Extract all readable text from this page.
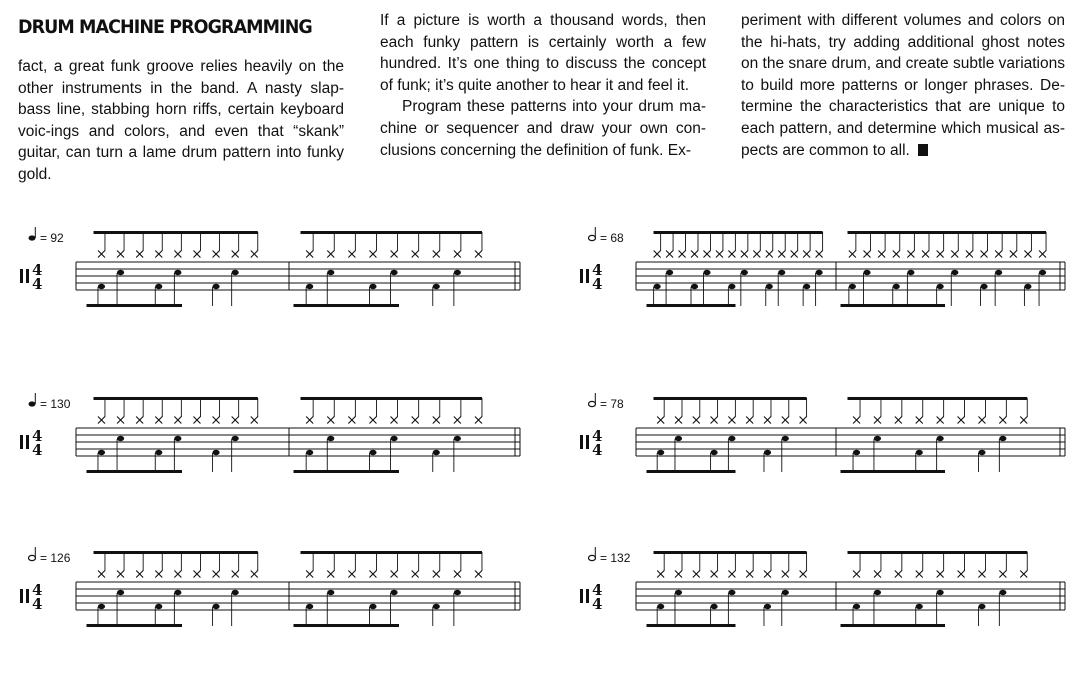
DRUM MACHINE PROGRAMMING

fact, a great funk groove relies heavily on the other instruments in the band. A nasty slap-bass line, stabbing horn riffs, certain keyboard voic-ings and colors, and even that “skank” guitar, can turn a lame drum pattern into funky gold.

If a picture is worth a thousand words, then each funky pattern is certainly worth a few hundred. It’s one thing to discuss the concept of funk; it’s quite another to hear it and feel it.

Program these patterns into your drum ma-chine or sequencer and draw your own con-clusions concerning the definition of funk. Ex-

periment with different volumes and colors on the hi-hats, try adding additional ghost notes on the snare drum, and create subtle variations to build more patterns or longer phrases. De-termine the characteristics that are unique to each pattern, and determine which musical as-pects are common to all.

4
4
= 92
4
4
= 68
4
4
= 130
4
4
= 78
4
4
= 126
4
4
= 132
